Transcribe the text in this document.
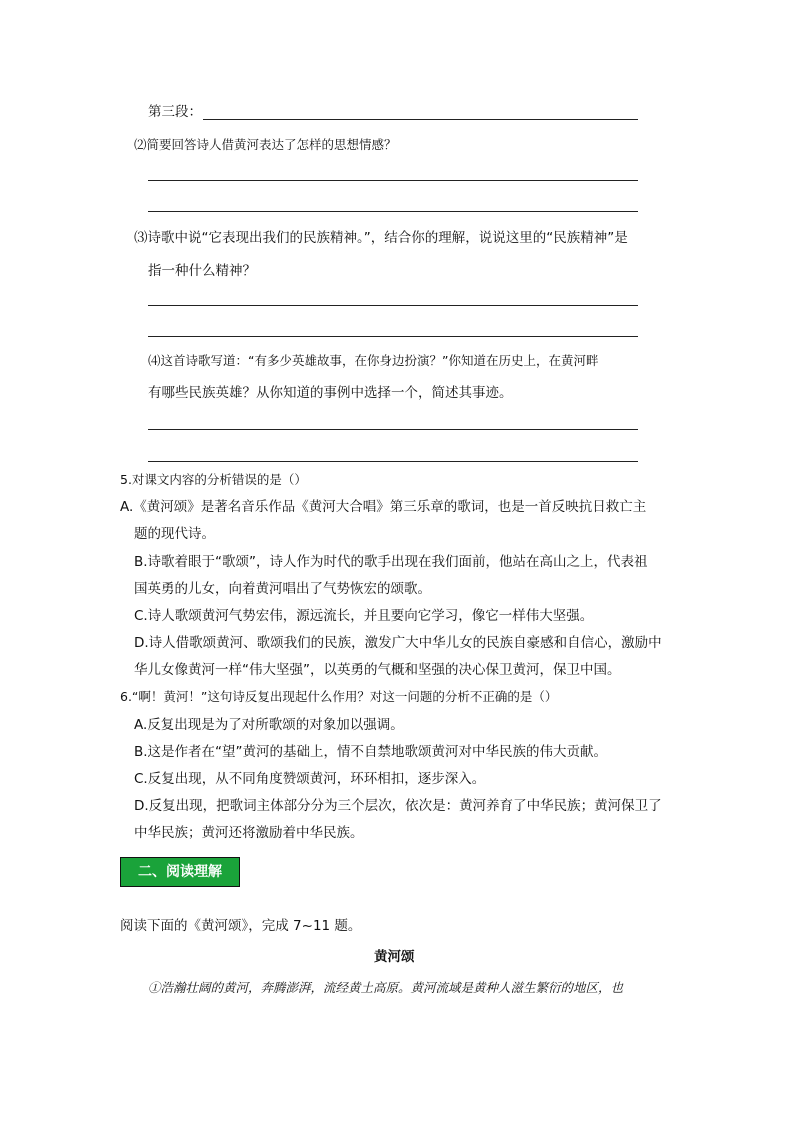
第三段：
⑵简要回答诗人借黄河表达了怎样的思想情感？
⑶诗歌中说“它表现出我们的民族精神。”，结合你的理解，说说这里的“民族精神”是
指一种什么精神？
⑷这首诗歌写道：“有多少英雄故事，在你身边扮演？”你知道在历史上，在黄河畔
有哪些民族英雄？从你知道的事例中选择一个，简述其事迹。
5.对课文内容的分析错误的是（）
A.《黄河颂》是著名音乐作品《黄河大合唱》第三乐章的歌词，也是一首反映抗日救亡主
题的现代诗。
B.诗歌着眼于“歌颂”，诗人作为时代的歌手出现在我们面前，他站在高山之上，代表祖
国英勇的儿女，向着黄河唱出了气势恢宏的颂歌。
C.诗人歌颂黄河气势宏伟，源远流长，并且要向它学习，像它一样伟大坚强。
D.诗人借歌颂黄河、歌颂我们的民族，激发广大中华儿女的民族自豪感和自信心，激励中
华儿女像黄河一样“伟大坚强”，以英勇的气概和坚强的决心保卫黄河，保卫中国。
6.“啊！黄河！”这句诗反复出现起什么作用？对这一问题的分析不正确的是（）
A.反复出现是为了对所歌颂的对象加以强调。
B.这是作者在“望”黄河的基础上，情不自禁地歌颂黄河对中华民族的伟大贡献。
C.反复出现，从不同角度赞颂黄河，环环相扣，逐步深入。
D.反复出现，把歌词主体部分分为三个层次，依次是：黄河养育了中华民族；黄河保卫了
中华民族；黄河还将激励着中华民族。
二、阅读理解
阅读下面的《黄河颂》，完成 7~11 题。
黄河颂
①浩瀚壮阔的黄河，奔腾澎湃，流经黄土高原。黄河流域是黄种人滋生繁衍的地区，也
